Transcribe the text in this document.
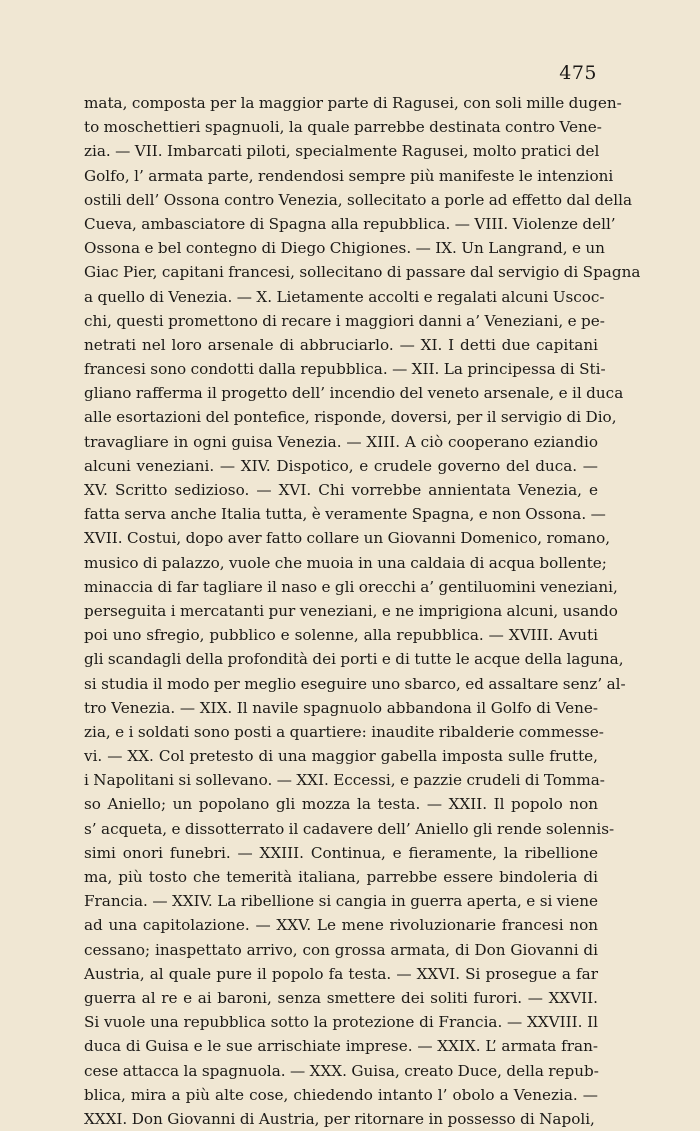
475
mata, composta per la maggior parte di Ragusei, con soli mille dugen-
to moschettieri spagnuoli, la quale parrebbe destinata contro Vene-
zia. — VII. Imbarcati piloti, specialmente Ragusei, molto pratici del
Golfo, l’ armata parte, rendendosi sempre più manifeste le intenzioni
ostili dell’ Ossona contro Venezia, sollecitato a porle ad effetto dal della
Cueva, ambasciatore di Spagna alla repubblica. — VIII. Violenze dell’
Ossona e bel contegno di Diego Chigiones. — IX. Un Langrand, e un
Giac Pier, capitani francesi, sollecitano di passare dal servigio di Spagna
a quello di Venezia. — X. Lietamente accolti e regalati alcuni Uscoc-
chi, questi promettono di recare i maggiori danni a’ Veneziani, e pe-
netrati nel loro arsenale di abbruciarlo. — XI. I detti due capitani
francesi sono condotti dalla repubblica. — XII. La principessa di Sti-
gliano rafferma il progetto dell’ incendio del veneto arsenale, e il duca
alle esortazioni del pontefice, risponde, doversi, per il servigio di Dio,
travagliare in ogni guisa Venezia. — XIII. A ciò cooperano eziandio
alcuni veneziani. — XIV. Dispotico, e crudele governo del duca. —
XV. Scritto sedizioso. — XVI. Chi vorrebbe annientata Venezia, e
fatta serva anche Italia tutta, è veramente Spagna, e non Ossona. —
XVII. Costui, dopo aver fatto collare un Giovanni Domenico, romano,
musico di palazzo, vuole che muoia in una caldaia di acqua bollente;
minaccia di far tagliare il naso e gli orecchi a’ gentiluomini veneziani,
perseguita i mercatanti pur veneziani, e ne imprigiona alcuni, usando
poi uno sfregio, pubblico e solenne, alla repubblica. — XVIII. Avuti
gli scandagli della profondità dei porti e di tutte le acque della laguna,
si studia il modo per meglio eseguire uno sbarco, ed assaltare senz’ al-
tro Venezia. — XIX. Il navile spagnuolo abbandona il Golfo di Vene-
zia, e i soldati sono posti a quartiere: inaudite ribalderie commesse-
vi. — XX. Col pretesto di una maggior gabella imposta sulle frutte,
i Napolitani si sollevano. — XXI. Eccessi, e pazzie crudeli di Tomma-
so Aniello; un popolano gli mozza la testa. — XXII. Il popolo non
s’ acqueta, e dissotterrato il cadavere dell’ Aniello gli rende solennis-
simi onori funebri. — XXIII. Continua, e fieramente, la ribellione
ma, più tosto che temerità italiana, parrebbe essere bindoleria di
Francia. — XXIV. La ribellione si cangia in guerra aperta, e si viene
ad una capitolazione. — XXV. Le mene rivoluzionarie francesi non
cessano; inaspettato arrivo, con grossa armata, di Don Giovanni di
Austria, al quale pure il popolo fa testa. — XXVI. Si prosegue a far
guerra al re e ai baroni, senza smettere dei soliti furori. — XXVII.
Si vuole una repubblica sotto la protezione di Francia. — XXVIII. Il
duca di Guisa e le sue arrischiate imprese. — XXIX. L’ armata fran-
cese attacca la spagnuola. — XXX. Guisa, creato Duce, della repub-
blica, mira a più alte cose, chiedendo intanto l’ obolo a Venezia. —
XXXI. Don Giovanni di Austria, per ritornare in possesso di Napoli,
